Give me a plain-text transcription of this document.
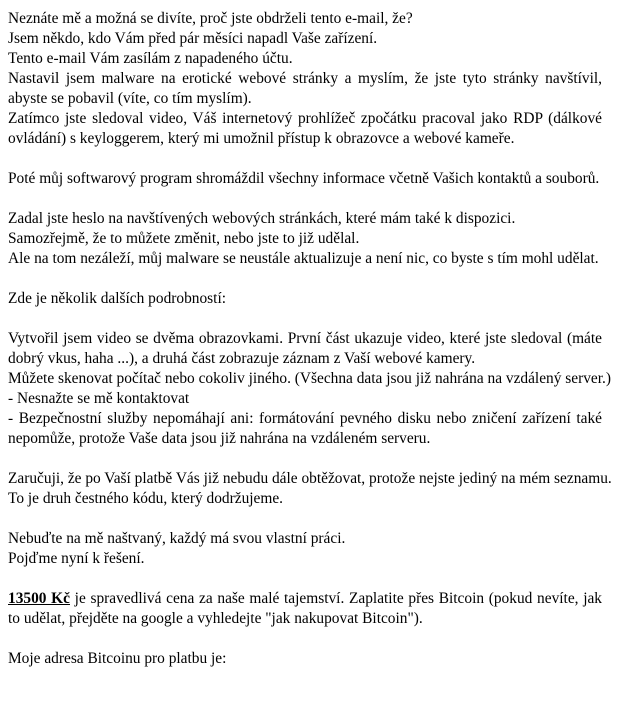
Neznáte mě a možná se divíte, proč jste obdrželi tento e-mail, že?
Jsem někdo, kdo Vám před pár měsíci napadl Vaše zařízení.
Tento e-mail Vám zasílám z napadeného účtu.
Nastavil jsem malware na erotické webové stránky a myslím, že jste tyto stránky navštívil, abyste se pobavil (víte, co tím myslím).
Zatímco jste sledoval video, Váš internetový prohlížeč zpočátku pracoval jako RDP (dálkové ovládání) s keyloggerem, který mi umožnil přístup k obrazovce a webové kameře.

Poté můj softwarový program shromáždil všechny informace včetně Vašich kontaktů a souborů.

Zadal jste heslo na navštívených webových stránkách, které mám také k dispozici.
Samozřejmě, že to můžete změnit, nebo jste to již udělal.
Ale na tom nezáleží, můj malware se neustále aktualizuje a není nic, co byste s tím mohl udělat.

Zde je několik dalších podrobností:

Vytvořil jsem video se dvěma obrazovkami. První část ukazuje video, které jste sledoval (máte dobrý vkus, haha ...), a druhá část zobrazuje záznam z Vaší webové kamery.
Můžete skenovat počítač nebo cokoliv jiného. (Všechna data jsou již nahrána na vzdálený server.)
- Nesnažte se mě kontaktovat
- Bezpečnostní služby nepomáhají ani: formátování pevného disku nebo zničení zařízení také nepomůže, protože Vaše data jsou již nahrána na vzdáleném serveru.

Zaručuji, že po Vaší platbě Vás již nebudu dále obtěžovat, protože nejste jediný na mém seznamu.
To je druh čestného kódu, který dodržujeme.

Nebuďte na mě naštvaný, každý má svou vlastní práci.
Pojďme nyní k řešení.

13500 Kč je spravedlivá cena za naše malé tajemství. Zaplatite přes Bitcoin (pokud nevíte, jak to udělat, přejděte na google a vyhledejte "jak nakupovat Bitcoin").

Moje adresa Bitcoinu pro platbu je:
